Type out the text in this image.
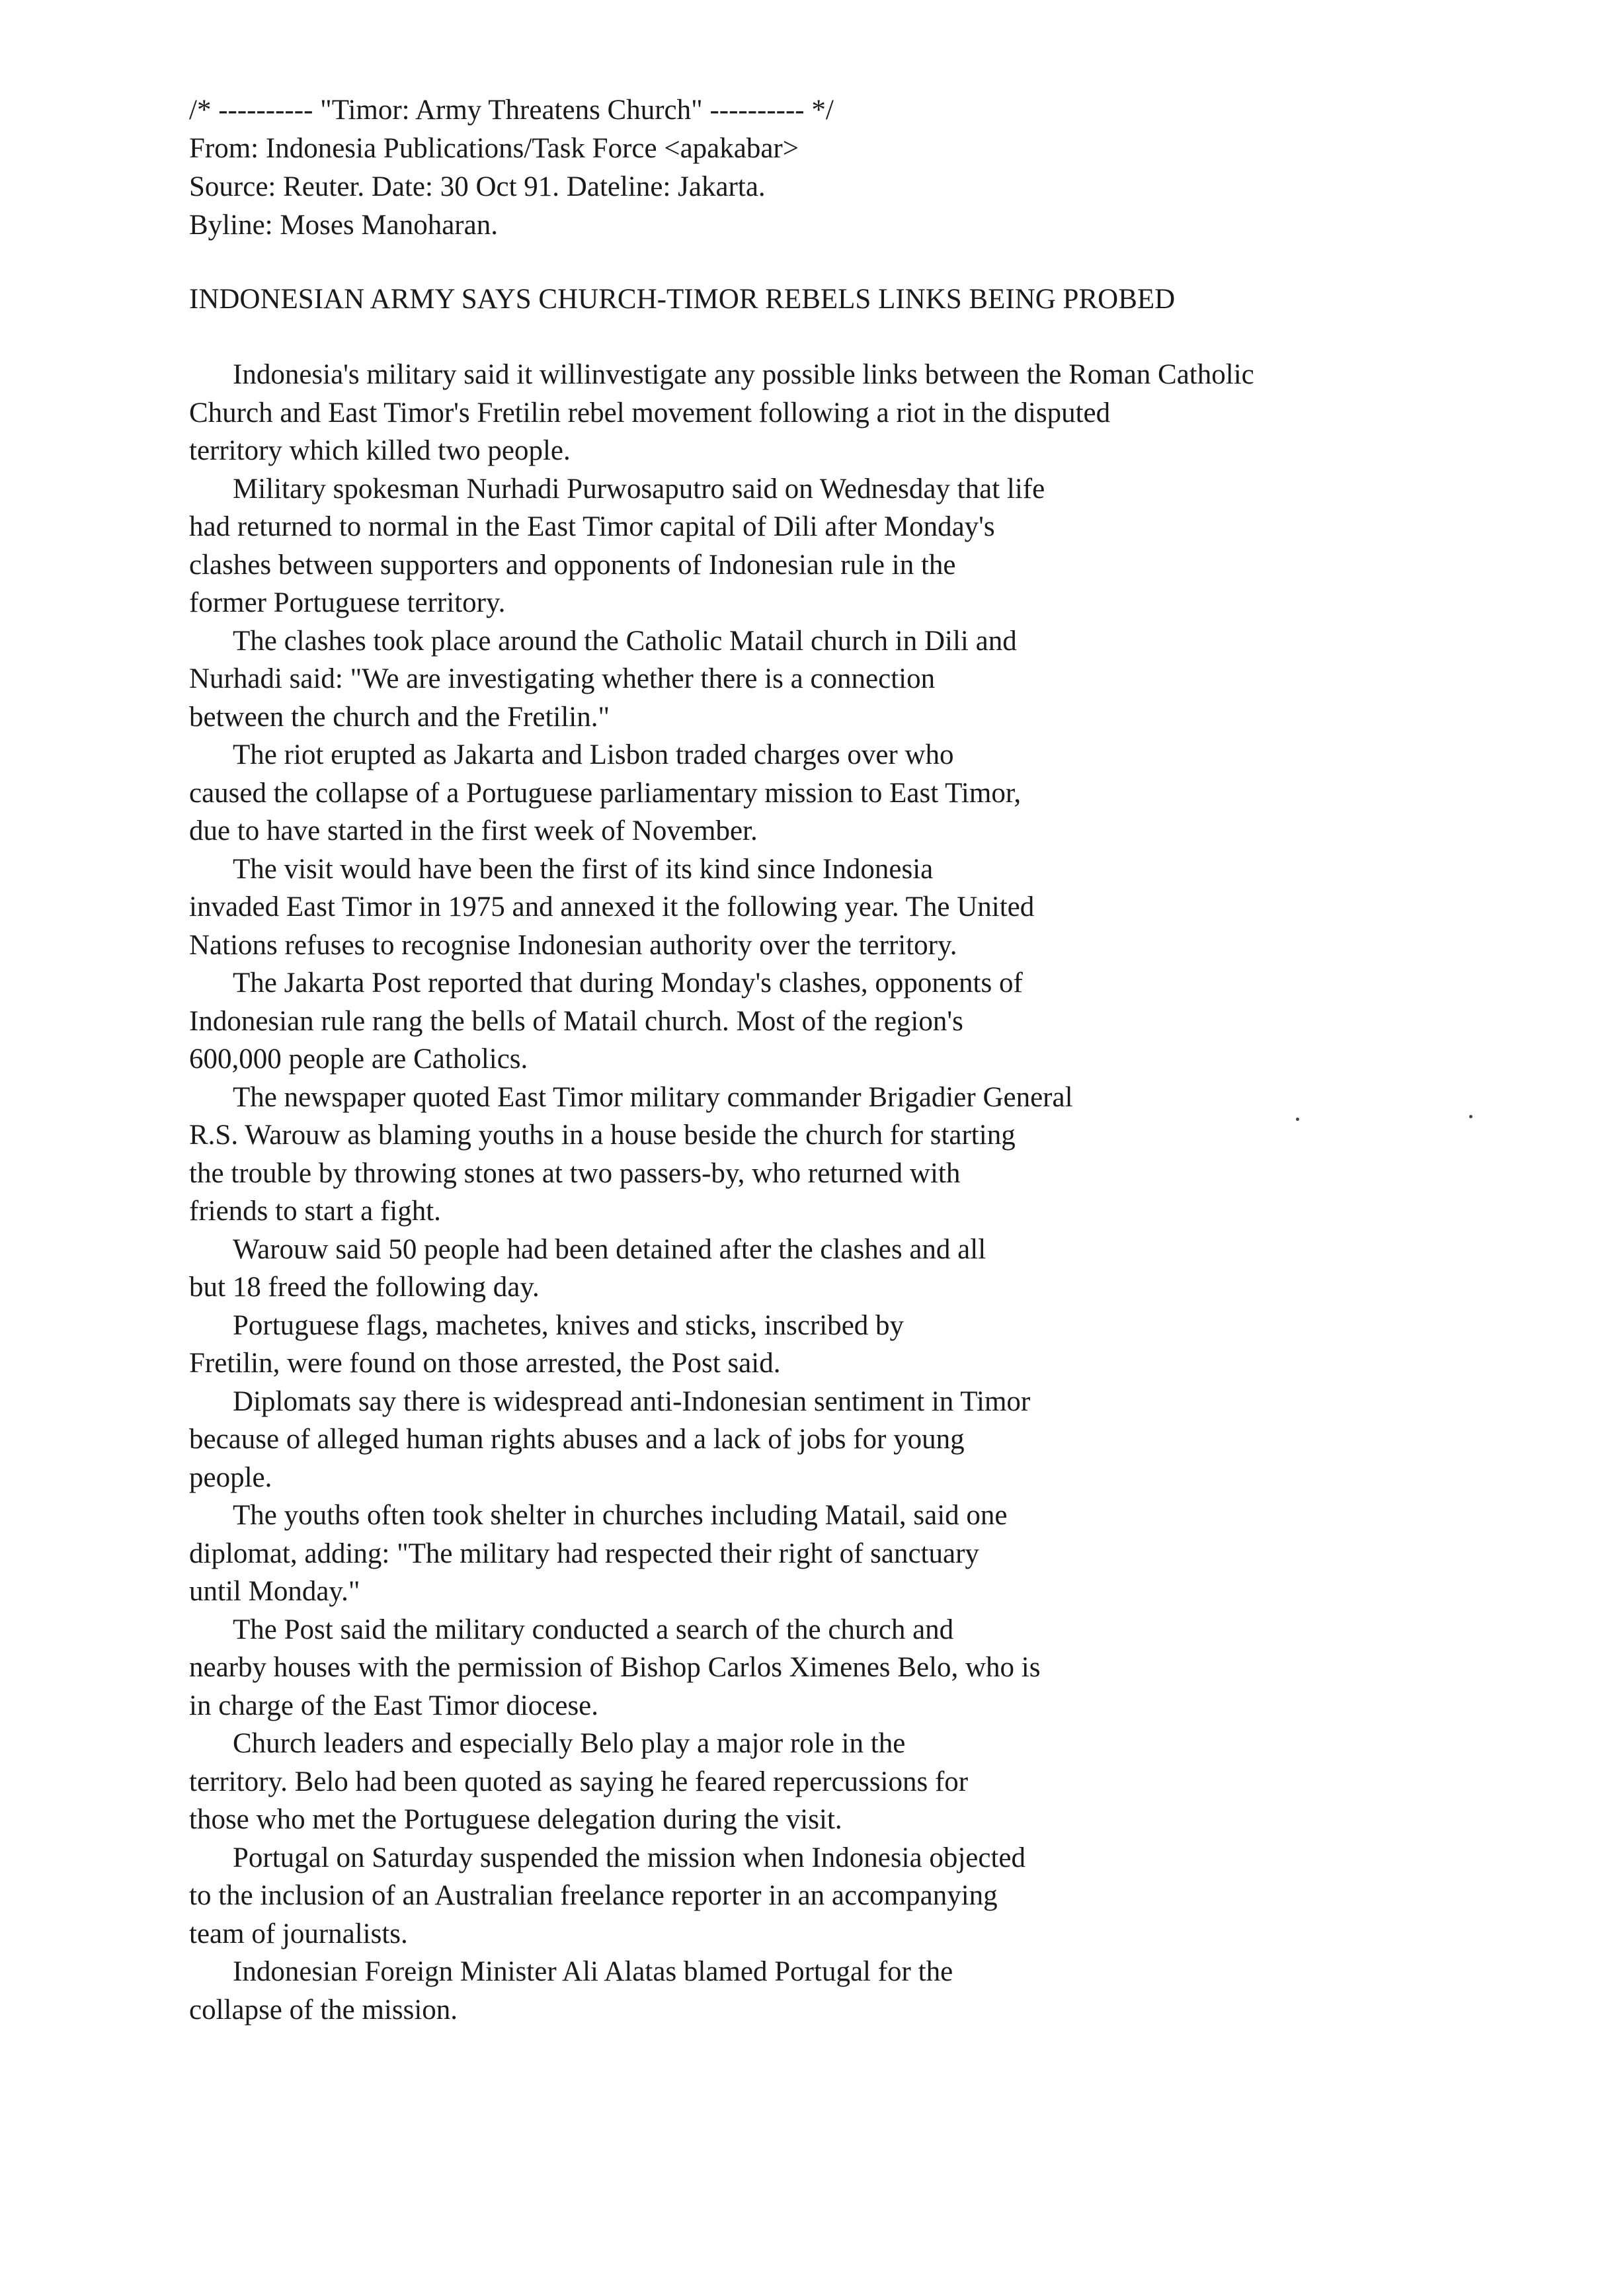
/* ---------- "Timor: Army Threatens Church" ---------- */
From: Indonesia Publications/Task Force <apakabar>
Source: Reuter. Date: 30 Oct 91. Dateline: Jakarta.
Byline: Moses Manoharan.
INDONESIAN ARMY SAYS CHURCH-TIMOR REBELS LINKS BEING PROBED
Indonesia's military said it willinvestigate any possible links between the Roman Catholic
Church and East Timor's Fretilin rebel movement following a riot in the disputed
territory which killed two people.
Military spokesman Nurhadi Purwosaputro said on Wednesday that life
had returned to normal in the East Timor capital of Dili after Monday's
clashes between supporters and opponents of Indonesian rule in the
former Portuguese territory.
The clashes took place around the Catholic Matail church in Dili and
Nurhadi said: "We are investigating whether there is a connection
between the church and the Fretilin."
The riot erupted as Jakarta and Lisbon traded charges over who
caused the collapse of a Portuguese parliamentary mission to East Timor,
due to have started in the first week of November.
The visit would have been the first of its kind since Indonesia
invaded East Timor in 1975 and annexed it the following year. The United
Nations refuses to recognise Indonesian authority over the territory.
The Jakarta Post reported that during Monday's clashes, opponents of
Indonesian rule rang the bells of Matail church. Most of the region's
600,000 people are Catholics.
The newspaper quoted East Timor military commander Brigadier General
R.S. Warouw as blaming youths in a house beside the church for starting
the trouble by throwing stones at two passers-by, who returned with
friends to start a fight.
Warouw said 50 people had been detained after the clashes and all
but 18 freed the following day.
Portuguese flags, machetes, knives and sticks, inscribed by
Fretilin, were found on those arrested, the Post said.
Diplomats say there is widespread anti-Indonesian sentiment in Timor
because of alleged human rights abuses and a lack of jobs for young
people.
The youths often took shelter in churches including Matail, said one
diplomat, adding: "The military had respected their right of sanctuary
until Monday."
The Post said the military conducted a search of the church and
nearby houses with the permission of Bishop Carlos Ximenes Belo, who is
in charge of the East Timor diocese.
Church leaders and especially Belo play a major role in the
territory. Belo had been quoted as saying he feared repercussions for
those who met the Portuguese delegation during the visit.
Portugal on Saturday suspended the mission when Indonesia objected
to the inclusion of an Australian freelance reporter in an accompanying
team of journalists.
Indonesian Foreign Minister Ali Alatas blamed Portugal for the
collapse of the mission.
